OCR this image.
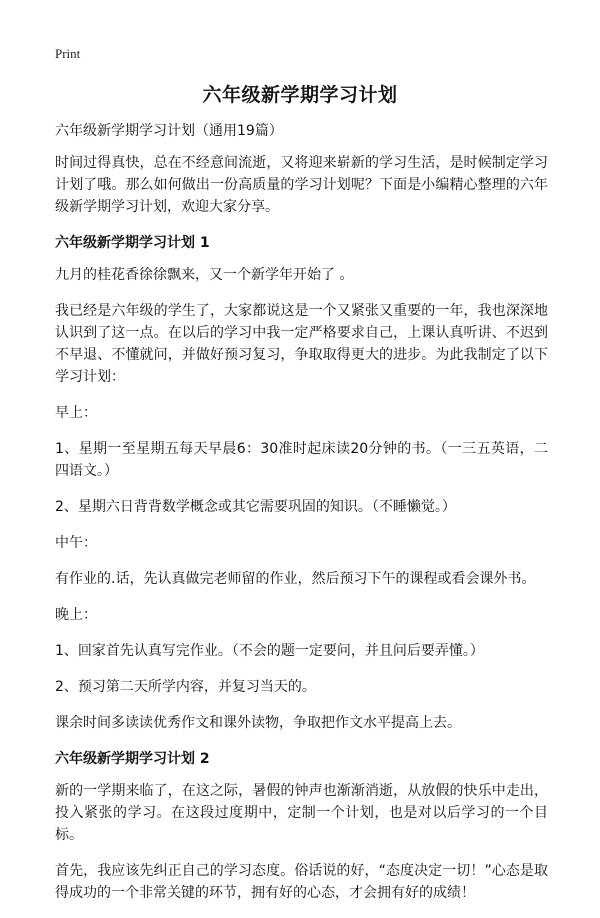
Print
六年级新学期学习计划

六年级新学期学习计划（通用19篇）

时间过得真快，总在不经意间流逝，又将迎来崭新的学习生活，是时候制定学习计划了哦。那么如何做出一份高质量的学习计划呢？下面是小编精心整理的六年级新学期学习计划，欢迎大家分享。

六年级新学期学习计划 1

九月的桂花香徐徐飘来，又一个新学年开始了 。

我已经是六年级的学生了，大家都说这是一个又紧张又重要的一年，我也深深地认识到了这一点。在以后的学习中我一定严格要求自己，上课认真听讲、不迟到不早退、不懂就问，并做好预习复习，争取取得更大的进步。为此我制定了以下学习计划：

早上：

1、星期一至星期五每天早晨6：30准时起床读20分钟的书。（一三五英语，二四语文。）

2、星期六日背背数学概念或其它需要巩固的知识。（不睡懒觉。）

中午：

有作业的.话，先认真做完老师留的作业，然后预习下午的课程或看会课外书。

晚上：

1、回家首先认真写完作业。（不会的题一定要问，并且问后要弄懂。）

2、预习第二天所学内容，并复习当天的。

课余时间多读读优秀作文和课外读物，争取把作文水平提高上去。

六年级新学期学习计划 2

新的一学期来临了，在这之际，暑假的钟声也渐渐消逝，从放假的快乐中走出，投入紧张的学习。在这段过度期中，定制一个计划，也是对以后学习的一个目标。

首先，我应该先纠正自己的学习态度。俗话说的好，“态度决定一切！”心态是取得成功的一个非常关键的环节，拥有好的心态，才会拥有好的成绩！
